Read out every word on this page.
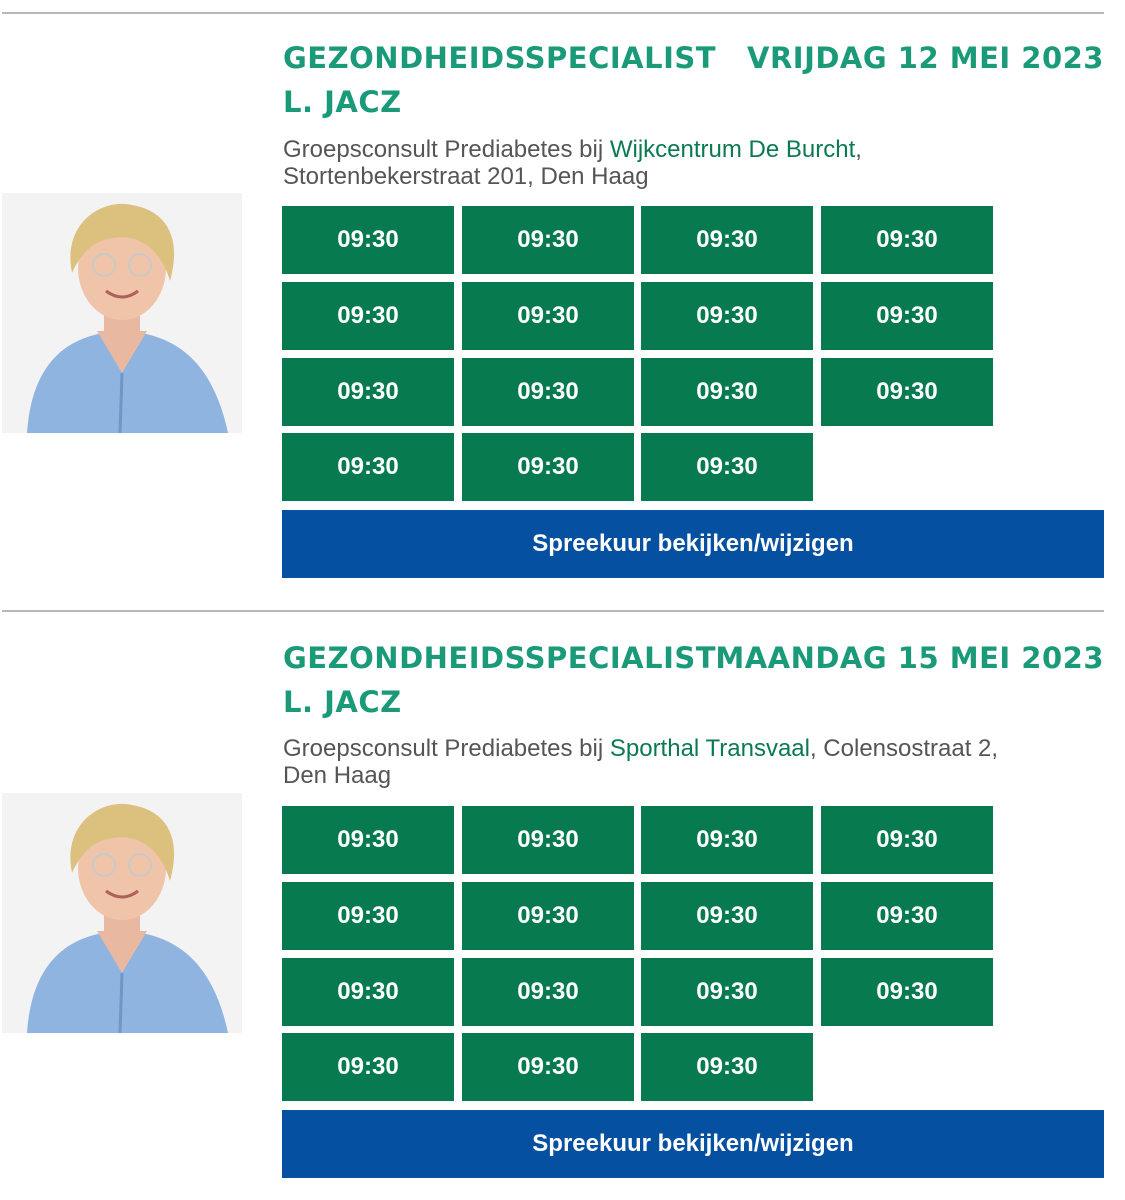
GEZONDHEIDSSPECIALIST
L. JACZ
VRIJDAG 12 MEI 2023
Groepsconsult Prediabetes bij Wijkcentrum De Burcht,
Stortenbekerstraat 201, Den Haag
09:30	09:30	09:30	09:30
09:30	09:30	09:30	09:30
09:30	09:30	09:30	09:30
09:30	09:30	09:30
Spreekuur bekijken/wijzigen
GEZONDHEIDSSPECIALIST
L. JACZ
MAANDAG 15 MEI 2023
Groepsconsult Prediabetes bij Sporthal Transvaal, Colensostraat 2,
Den Haag
09:30	09:30	09:30	09:30
09:30	09:30	09:30	09:30
09:30	09:30	09:30	09:30
09:30	09:30	09:30
Spreekuur bekijken/wijzigen
